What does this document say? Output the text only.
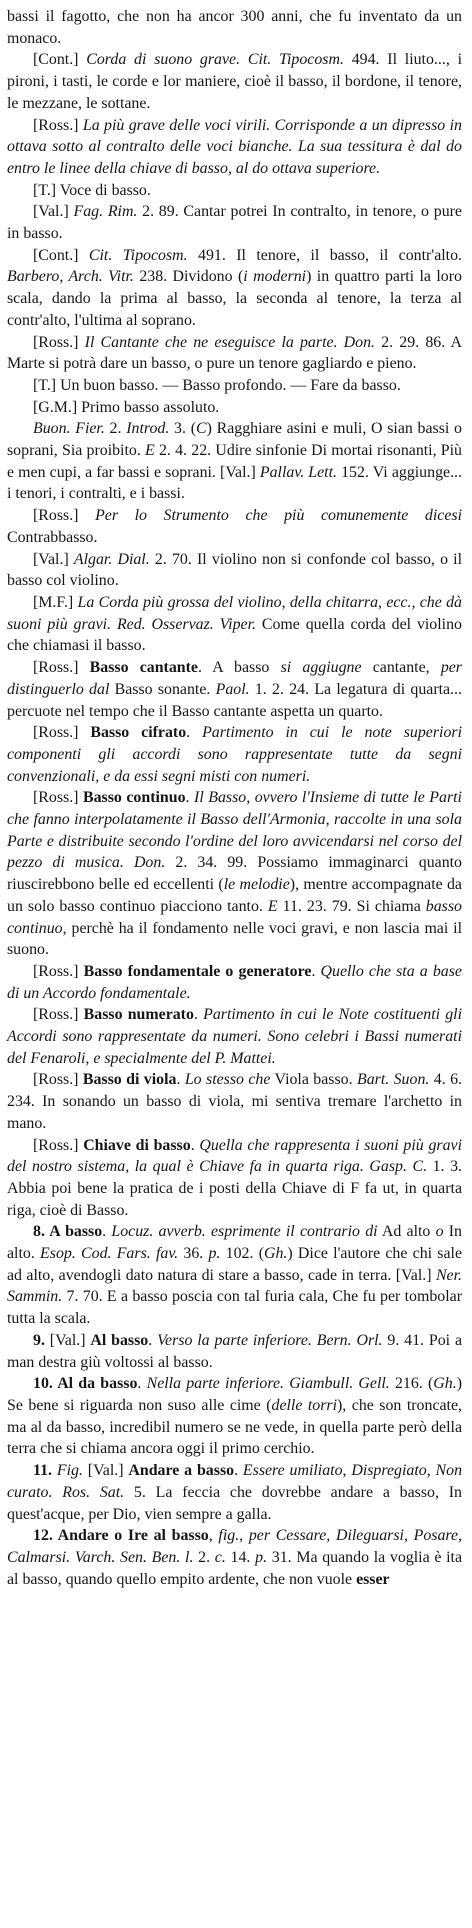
bassi il fagotto, che non ha ancor 300 anni, che fu inventato da un monaco.

[Cont.] Corda di suono grave. Cit. Tipocosm. 494. Il liuto..., i pironi, i tasti, le corde e lor maniere, cioè il basso, il bordone, il tenore, le mezzane, le sottane.

[Ross.] La più grave delle voci virili. Corrisponde a un dipresso in ottava sotto al contralto delle voci bianche. La sua tessitura è dal do entro le linee della chiave di basso, al do ottava superiore.

[T.] Voce di basso.

[Val.] Fag. Rim. 2. 89. Cantar potrei In contralto, in tenore, o pure in basso.

[Cont.] Cit. Tipocosm. 491. Il tenore, il basso, il contr'alto. Barbero, Arch. Vitr. 238. Dividono (i moderni) in quattro parti la loro scala, dando la prima al basso, la seconda al tenore, la terza al contr'alto, l'ultima al soprano.

[Ross.] Il Cantante che ne eseguisce la parte. Don. 2. 29. 86. A Marte si potrà dare un basso, o pure un tenore gagliardo e pieno.

[T.] Un buon basso. — Basso profondo. — Fare da basso.

[G.M.] Primo basso assoluto.

Buon. Fier. 2. Introd. 3. (C) Ragghiare asini e muli, O sian bassi o soprani, Sia proibito. E 2. 4. 22. Udire sinfonie Di mortai risonanti, Più e men cupi, a far bassi e soprani. [Val.] Pallav. Lett. 152. Vi aggiunge... i tenori, i contralti, e i bassi.

[Ross.] Per lo Strumento che più comunemente dicesi Contrabbasso.

[Val.] Algar. Dial. 2. 70. Il violino non si confonde col basso, o il basso col violino.

[M.F.] La Corda più grossa del violino, della chitarra, ecc., che dà suoni più gravi. Red. Osservaz. Viper. Come quella corda del violino che chiamasi il basso.

[Ross.] Basso cantante. A basso si aggiugne cantante, per distinguerlo dal Basso sonante. Paol. 1. 2. 24. La legatura di quarta... percuote nel tempo che il Basso cantante aspetta un quarto.

[Ross.] Basso cifrato. Partimento in cui le note superiori componenti gli accordi sono rappresentate tutte da segni convenzionali, e da essi segni misti con numeri.

[Ross.] Basso continuo. Il Basso, ovvero l'Insieme di tutte le Parti che fanno interpolatamente il Basso dell'Armonia, raccolte in una sola Parte e distribuite secondo l'ordine del loro avvicendarsi nel corso del pezzo di musica. Don. 2. 34. 99. Possiamo immaginarci quanto riuscirebbono belle ed eccellenti (le melodie), mentre accompagnate da un solo basso continuo piacciono tanto. E 11. 23. 79. Si chiama basso continuo, perchè ha il fondamento nelle voci gravi, e non lascia mai il suono.

[Ross.] Basso fondamentale o generatore. Quello che sta a base di un Accordo fondamentale.

[Ross.] Basso numerato. Partimento in cui le Note costituenti gli Accordi sono rappresentate da numeri. Sono celebri i Bassi numerati del Fenaroli, e specialmente del P. Mattei.

[Ross.] Basso di viola. Lo stesso che Viola basso. Bart. Suon. 4. 6. 234. In sonando un basso di viola, mi sentiva tremare l'archetto in mano.

[Ross.] Chiave di basso. Quella che rappresenta i suoni più gravi del nostro sistema, la qual è Chiave fa in quarta riga. Gasp. C. 1. 3. Abbia poi bene la pratica de i posti della Chiave di F fa ut, in quarta riga, cioè di Basso.

8. A basso. Locuz. avverb. esprimente il contrario di Ad alto o In alto. Esop. Cod. Fars. fav. 36. p. 102. (Gh.) Dice l'autore che chi sale ad alto, avendogli dato natura di stare a basso, cade in terra. [Val.] Ner. Sammin. 7. 70. E a basso poscia con tal furia cala, Che fu per tombolar tutta la scala.

9. [Val.] Al basso. Verso la parte inferiore. Bern. Orl. 9. 41. Poi a man destra giù voltossi al basso.

10. Al da basso. Nella parte inferiore. Giambull. Gell. 216. (Gh.) Se bene si riguarda non suso alle cime (delle torri), che son troncate, ma al da basso, incredibil numero se ne vede, in quella parte però della terra che si chiama ancora oggi il primo cerchio.

11. Fig. [Val.] Andare a basso. Essere umiliato, Dispregiato, Non curato. Ros. Sat. 5. La feccia che dovrebbe andare a basso, In quest'acque, per Dio, vien sempre a galla.

12. Andare o Ire al basso, fig., per Cessare, Dileguarsi, Posare, Calmarsi. Varch. Sen. Ben. l. 2. c. 14. p. 31. Ma quando la voglia è ita al basso, quando quello empito ardente, che non vuole esser
